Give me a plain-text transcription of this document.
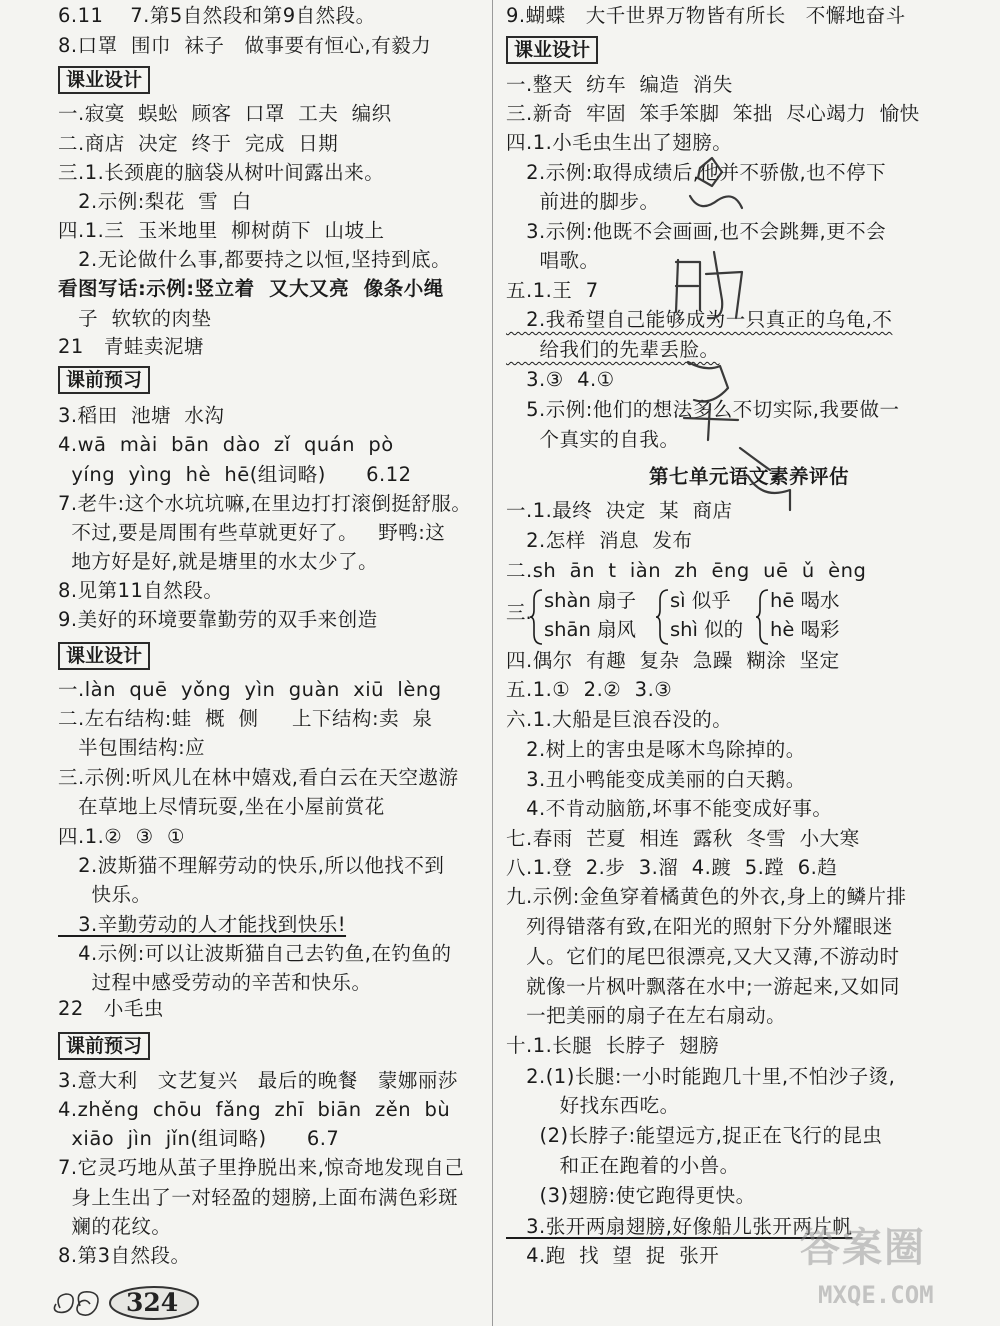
6.11    7.第5自然段和第9自然段。
8.口罩  围巾  袜子   做事要有恒心,有毅力
课业设计
一.寂寞  蜈蚣  顾客  口罩  工夫  编织
二.商店  决定  终于  完成  日期
三.1.长颈鹿的脑袋从树叶间露出来。
2.示例:梨花  雪  白
四.1.三  玉米地里  柳树荫下  山坡上
2.无论做什么事,都要持之以恒,坚持到底。
看图写话:示例:竖立着  又大又亮  像条小绳
子  软软的肉垫
21   青蛙卖泥塘
课前预习
3.稻田  池塘  水沟
4.wā  mài  bān  dào  zǐ  quán  pò
yíng  yìng  hè  hē(组词略)      6.12
7.老牛:这个水坑坑嘛,在里边打打滚倒挺舒服。
不过,要是周围有些草就更好了。   野鸭:这
地方好是好,就是塘里的水太少了。
8.见第11自然段。
9.美好的环境要靠勤劳的双手来创造
课业设计
一.làn  quē  yǒng  yìn  guàn  xiū  lèng
二.左右结构:蛙  概  侧     上下结构:卖  泉
半包围结构:应
三.示例:听风儿在林中嬉戏,看白云在天空遨游
在草地上尽情玩耍,坐在小屋前赏花
四.1.②  ③  ①
2.波斯猫不理解劳动的快乐,所以他找不到
快乐。
3.辛勤劳动的人才能找到快乐!
4.示例:可以让波斯猫自己去钓鱼,在钓鱼的
过程中感受劳动的辛苦和快乐。
22   小毛虫
课前预习
3.意大利   文艺复兴   最后的晚餐   蒙娜丽莎
4.zhěng  chōu  fǎng  zhī  biān  zěn  bù
xiāo  jìn  jǐn(组词略)      6.7
7.它灵巧地从茧子里挣脱出来,惊奇地发现自己
身上生出了一对轻盈的翅膀,上面布满色彩斑
斓的花纹。
8.第3自然段。
9.蝴蝶   大千世界万物皆有所长   不懈地奋斗
课业设计
一.整天  纺车  编造  消失
三.新奇  牢固  笨手笨脚  笨拙  尽心竭力  愉快
四.1.小毛虫生出了翅膀。
2.示例:取得成绩后,他并不骄傲,也不停下
前进的脚步。
3.示例:他既不会画画,也不会跳舞,更不会
唱歌。
五.1.王  7
2.我希望自己能够成为一只真正的乌龟,不
给我们的先辈丢脸。
3.③  4.①
5.示例:他们的想法多么不切实际,我要做一
个真实的自我。
第七单元语文素养评估
一.1.最终  决定  某  商店
2.怎样  消息  发布
二.sh  ān  t  iàn  zh  ēng  uē  ǔ  èng
三.
shàn 扇子
shān 扇风
sì 似乎
shì 似的
hē 喝水
hè 喝彩
四.偶尔  有趣  复杂  急躁  糊涂  坚定
五.1.①  2.②  3.③
六.1.大船是巨浪吞没的。
2.树上的害虫是啄木鸟除掉的。
3.丑小鸭能变成美丽的白天鹅。
4.不肯动脑筋,坏事不能变成好事。
七.春雨  芒夏  相连  露秋  冬雪  小大寒
八.1.登  2.步  3.溜  4.踱  5.蹚  6.趋
九.示例:金鱼穿着橘黄色的外衣,身上的鳞片排
列得错落有致,在阳光的照射下分外耀眼迷
人。它们的尾巴很漂亮,又大又薄,不游动时
就像一片枫叶飘落在水中;一游起来,又如同
一把美丽的扇子在左右扇动。
十.1.长腿  长脖子  翅膀
2.(1)长腿:一小时能跑几十里,不怕沙子烫,
好找东西吃。
(2)长脖子:能望远方,捉正在飞行的昆虫
和正在跑着的小兽。
(3)翅膀:使它跑得更快。
3.张开两扇翅膀,好像船儿张开两片帆
4.跑  找  望  捉  张开
324
答案圈
MXQE.COM
